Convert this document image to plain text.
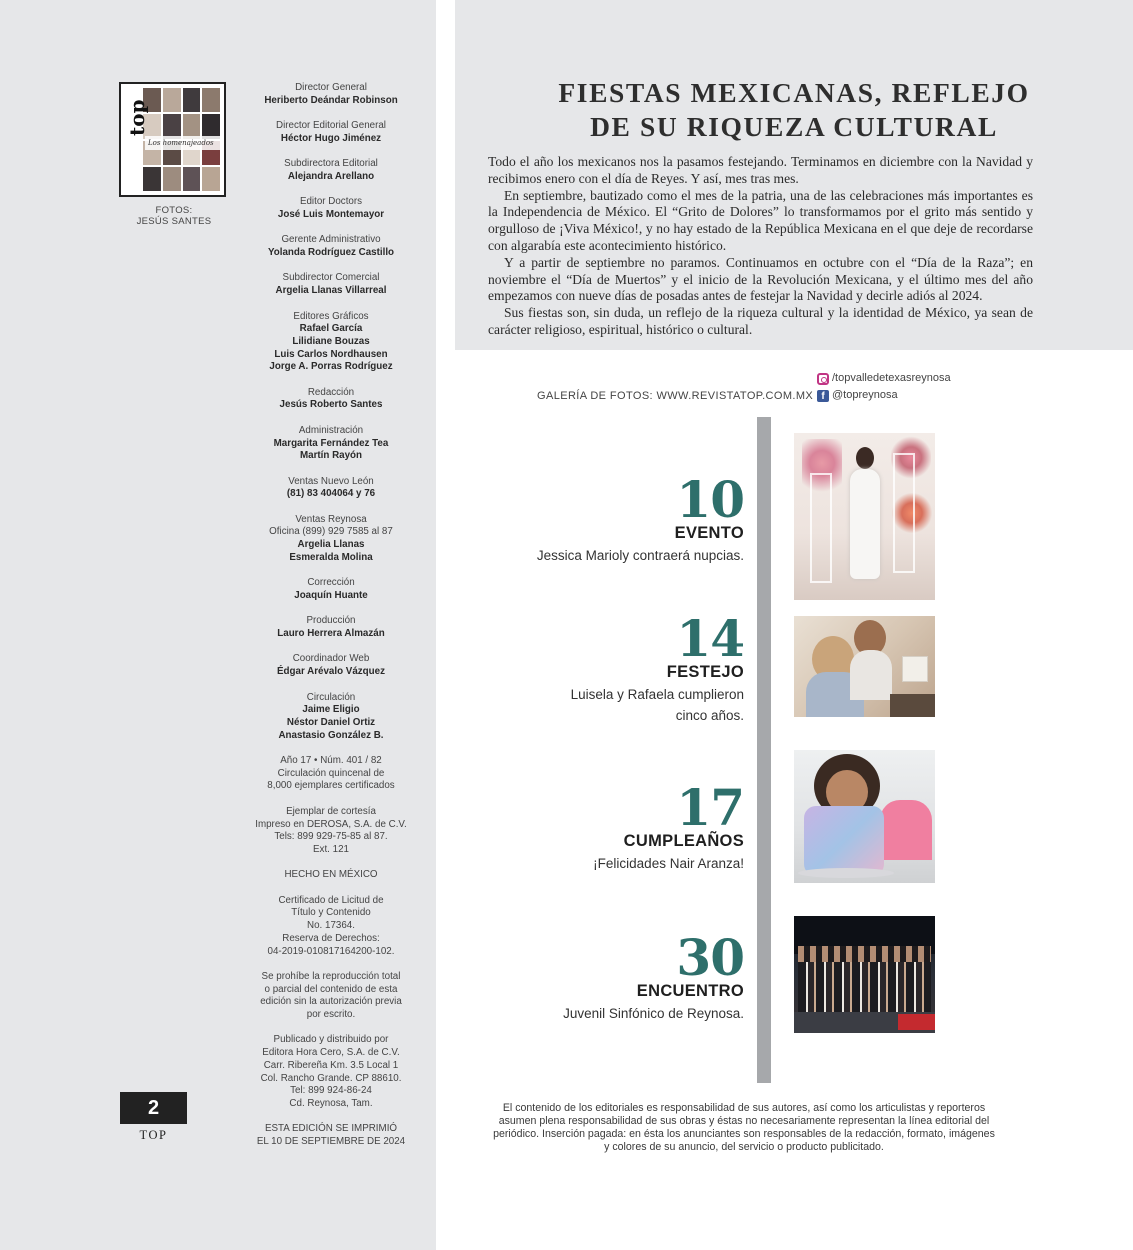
Los homenajeados
top
FOTOS:
JESÚS SANTES
Director General
Heriberto Deándar Robinson
Director Editorial General
Héctor Hugo Jiménez
Subdirectora Editorial
Alejandra Arellano
Editor Doctors
José Luis Montemayor
Gerente Administrativo
Yolanda Rodríguez Castillo
Subdirector Comercial
Argelia Llanas Villarreal
Editores Gráficos
Rafael García
Lilidiane Bouzas
Luis Carlos Nordhausen
Jorge A. Porras Rodríguez
Redacción
Jesús Roberto Santes
Administración
Margarita Fernández Tea
Martín Rayón
Ventas Nuevo León
(81) 83 404064 y 76
Ventas Reynosa
Oficina (899) 929 7585 al 87
Argelia Llanas
Esmeralda Molina
Corrección
Joaquín Huante
Producción
Lauro Herrera Almazán
Coordinador Web
Édgar Arévalo Vázquez
Circulación
Jaime Eligio
Néstor Daniel Ortiz
Anastasio González B.
Año 17 • Núm. 401 / 82
Circulación quincenal de
8,000 ejemplares certificados
Ejemplar de cortesía
Impreso en DEROSA, S.A. de C.V.
Tels: 899 929-75-85 al 87.
Ext. 121
HECHO EN MÉXICO
Certificado de Licitud de
Título y Contenido
No. 17364.
Reserva de Derechos:
04-2019-010817164200-102.
Se prohíbe la reproducción total
o parcial del contenido de esta
edición sin la autorización previa
por escrito.
Publicado y distribuido por
Editora Hora Cero, S.A. de C.V.
Carr. Ribereña Km. 3.5 Local 1
Col. Rancho Grande. CP 88610.
Tel: 899 924-86-24
Cd. Reynosa, Tam.
ESTA EDICIÓN SE IMPRIMIÓ
EL 10 DE SEPTIEMBRE DE 2024
2
TOP
FIESTAS MEXICANAS, REFLEJO
DE SU RIQUEZA CULTURAL

Todo el año los mexicanos nos la pasamos festejando. Terminamos en diciembre con la Navidad y recibimos enero con el día de Reyes. Y así, mes tras mes.

En septiembre, bautizado como el mes de la patria, una de las celebraciones más importantes es la Independencia de México. El “Grito de Dolores” lo transformamos por el grito más sentido y orgulloso de ¡Viva México!, y no hay estado de la República Mexicana en el que deje de recordarse con algarabía este acontecimiento histórico.

Y a partir de septiembre no paramos. Continuamos en octubre con el “Día de la Raza”; en noviembre el “Día de Muertos” y el inicio de la Revolución Mexicana, y el último mes del año empezamos con nueve días de posadas antes de festejar la Navidad y decirle adiós al 2024.

Sus fiestas son, sin duda, un reflejo de la riqueza cultural y la identidad de México, ya sean de carácter religioso, espiritual, histórico o cultural.

GALERÍA DE FOTOS: WWW.REVISTATOP.COM.MX
/topvalledetexasreynosa
f @topreynosa
10
EVENTO
Jessica Marioly contraerá nupcias.
14
FESTEJO
Luisela y Rafaela cumplieron
cinco años.
17
CUMPLEAÑOS
¡Felicidades Nair Aranza!
30
ENCUENTRO
Juvenil Sinfónico de Reynosa.
El contenido de los editoriales es responsabilidad de sus autores, así como los articulistas y reporteros
asumen plena responsabilidad de sus obras y éstas no necesariamente representan la línea editorial del
periódico. Inserción pagada: en ésta los anunciantes son responsables de la redacción, formato, imágenes
y colores de su anuncio, del servicio o producto publicitado.
